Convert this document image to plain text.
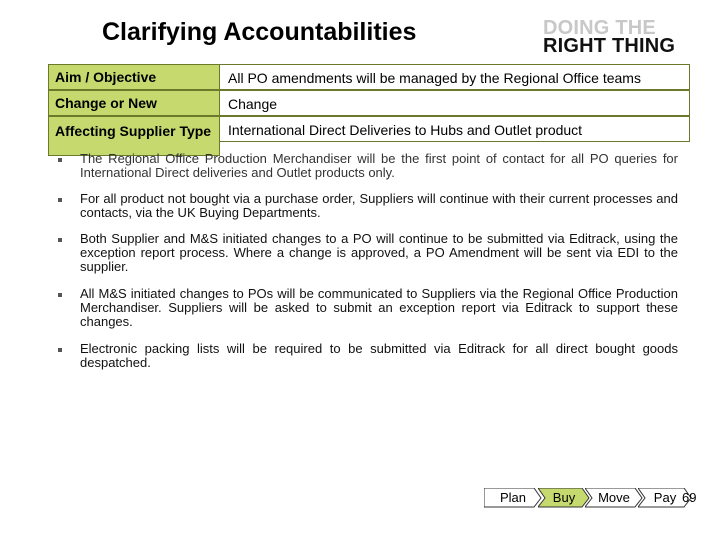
Clarifying Accountabilities	DOING THE
RIGHT THING
Aim / Objective	All PO amendments will be managed by the Regional Office teams
Change or New	Change
Affecting Supplier Type	International Direct Deliveries to Hubs and Outlet product
The Regional Office Production Merchandiser will be the first point of contact for all PO queries for International Direct deliveries and Outlet products only.
For all product not bought via a purchase order, Suppliers will continue with their current processes and contacts, via the UK Buying Departments.
Both Supplier and M&S initiated changes to a PO will continue to be submitted via Editrack, using the exception report process. Where a change is approved, a PO Amendment will be sent via EDI to the supplier.
All M&S initiated changes to POs will be communicated to Suppliers via the Regional Office Production Merchandiser. Suppliers will be asked to submit an exception report via Editrack to support these changes.
Electronic packing lists will be required to be submitted via Editrack for all direct bought goods despatched.
Plan	Buy	Move	Pay 69
